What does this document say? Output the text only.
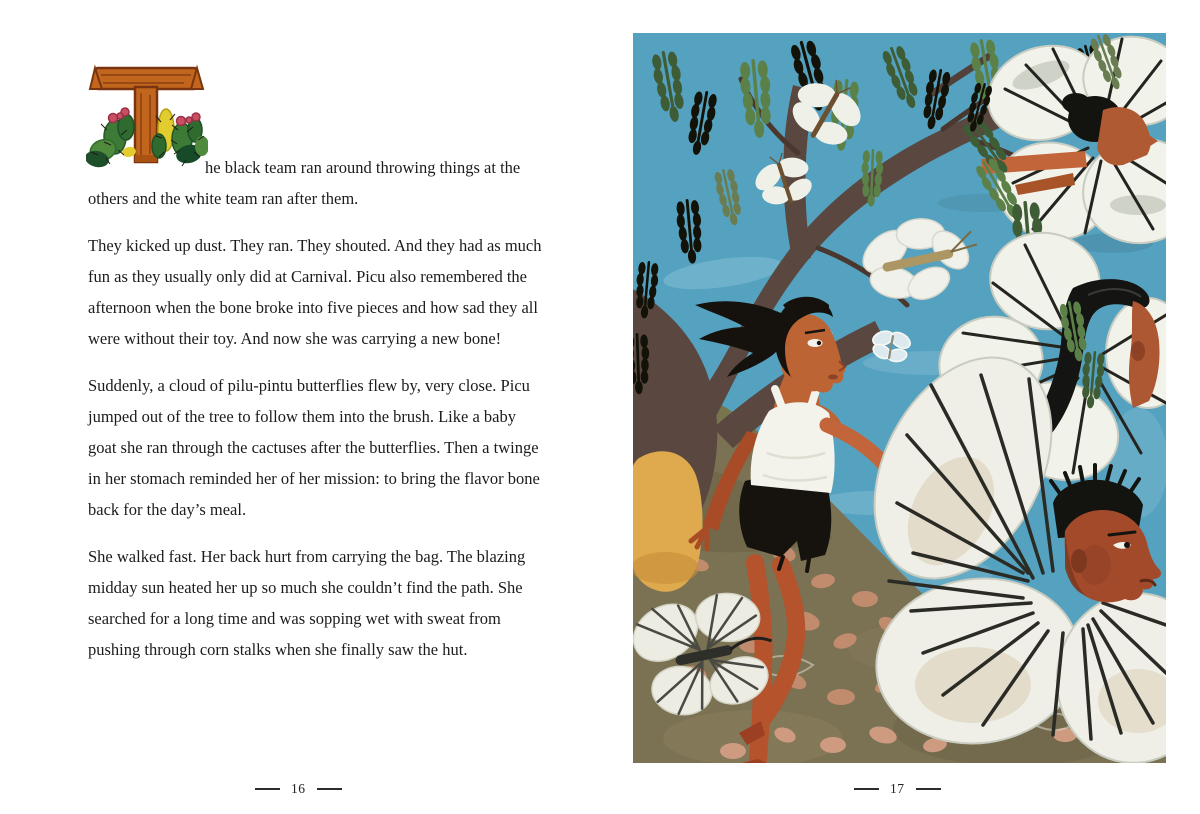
he black team ran around throwing things at the
others and the white team ran after them.
They kicked up dust. They ran. They shouted. And they had as much
fun as they usually only did at Carnival. Picu also remembered the
afternoon when the bone broke into five pieces and how sad they all
were without their toy. And now she was carrying a new bone!
Suddenly, a cloud of pilu-pintu butterflies flew by, very close. Picu
jumped out of the tree to follow them into the brush. Like a baby
goat she ran through the cactuses after the butterflies. Then a twinge
in her stomach reminded her of her mission: to bring the flavor bone
back for the day’s meal.
She walked fast. Her back hurt from carrying the bag. The blazing
midday sun heated her up so much she couldn’t find the path. She
searched for a long time and was sopping wet with sweat from
pushing through corn stalks when she finally saw the hut.
16	17
